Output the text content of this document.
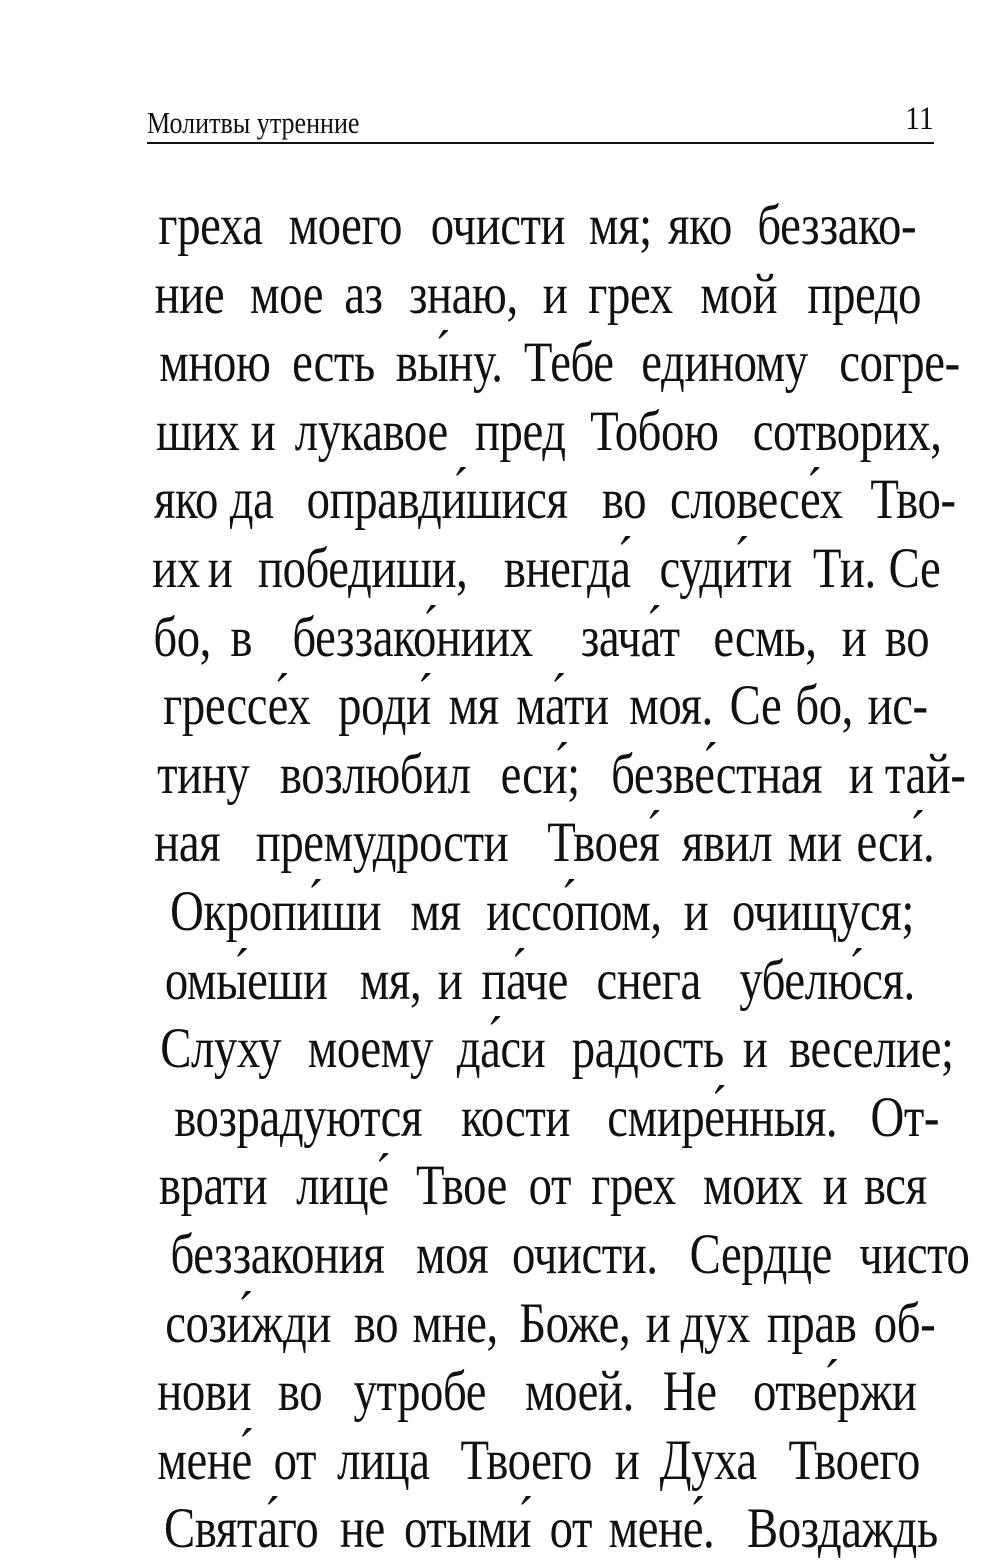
Молитвы утренние	11
греха моего очисти мя; яко беззако-
ние мое аз знаю, и грех мой предо
мною есть вы́ну. Тебе единому согре-
ших и лукавое пред Тобою сотворих,
яко да оправди́шися во словесе́х Тво-
их и победиши, внегда́ суди́ти Ти. Се
бо, в беззако́ниих зача́т есмь, и во
грессе́х роди́ мя ма́ти моя. Се бо, ис-
тину возлюбил еси́; безве́стная и тай-
ная премудрости Твоея́ явил ми еси́.
Окропи́ши мя иссо́пом, и очищуся;
омы́еши мя, и па́че снега убелю́ся.
Слуху моему да́си радость и веселие;
возрадуются кости смире́нныя. От-
врати лице́ Твое от грех моих и вся
беззакония моя очисти. Сердце чисто
сози́жди во мне, Боже, и дух прав об-
нови во утробе моей. Не отве́ржи
мене́ от лица Твоего и Духа Твоего
Свята́го не отыми́ от мене́. Воздаждь
